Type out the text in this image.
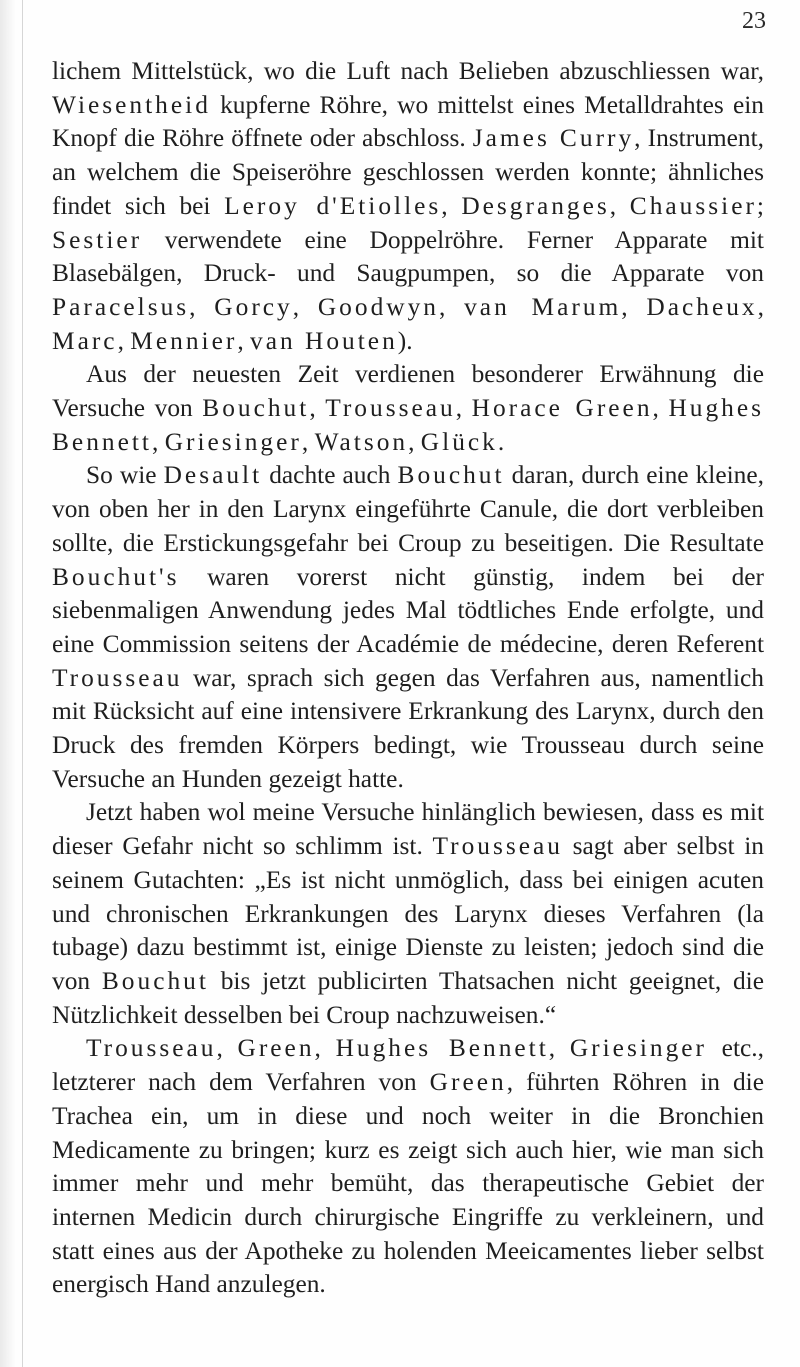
23

lichem Mittelstück, wo die Luft nach Belieben abzuschliessen war, Wiesentheid kupferne Röhre, wo mittelst eines Metalldrahtes ein Knopf die Röhre öffnete oder abschloss. James Curry, Instrument, an welchem die Speiseröhre geschlossen werden konnte; ähnliches findet sich bei Leroy d'Etiolles, Desgranges, Chaussier; Sestier verwendete eine Doppelröhre. Ferner Apparate mit Blasebälgen, Druck- und Saugpumpen, so die Apparate von Paracelsus, Gorcy, Goodwyn, van Marum, Dacheux, Marc, Mennier, van Houten).

Aus der neuesten Zeit verdienen besonderer Erwähnung die Versuche von Bouchut, Trousseau, Horace Green, Hughes Bennett, Griesinger, Watson, Glück.

So wie Desault dachte auch Bouchut daran, durch eine kleine, von oben her in den Larynx eingeführte Canule, die dort verbleiben sollte, die Erstickungsgefahr bei Croup zu beseitigen. Die Resultate Bouchut's waren vorerst nicht günstig, indem bei der siebenmaligen Anwendung jedes Mal tödtliches Ende erfolgte, und eine Commission seitens der Académie de médecine, deren Referent Trousseau war, sprach sich gegen das Verfahren aus, namentlich mit Rücksicht auf eine intensivere Erkrankung des Larynx, durch den Druck des fremden Körpers bedingt, wie Trousseau durch seine Versuche an Hunden gezeigt hatte.

Jetzt haben wol meine Versuche hinlänglich bewiesen, dass es mit dieser Gefahr nicht so schlimm ist. Trousseau sagt aber selbst in seinem Gutachten: „Es ist nicht unmöglich, dass bei einigen acuten und chronischen Erkrankungen des Larynx dieses Verfahren (la tubage) dazu bestimmt ist, einige Dienste zu leisten; jedoch sind die von Bouchut bis jetzt publicirten Thatsachen nicht geeignet, die Nützlichkeit desselben bei Croup nachzuweisen.“

Trousseau, Green, Hughes Bennett, Griesinger etc., letzterer nach dem Verfahren von Green, führten Röhren in die Trachea ein, um in diese und noch weiter in die Bronchien Medicamente zu bringen; kurz es zeigt sich auch hier, wie man sich immer mehr und mehr bemüht, das therapeutische Gebiet der internen Medicin durch chirurgische Eingriffe zu verkleinern, und statt eines aus der Apotheke zu holenden Meeicamentes lieber selbst energisch Hand anzulegen.
